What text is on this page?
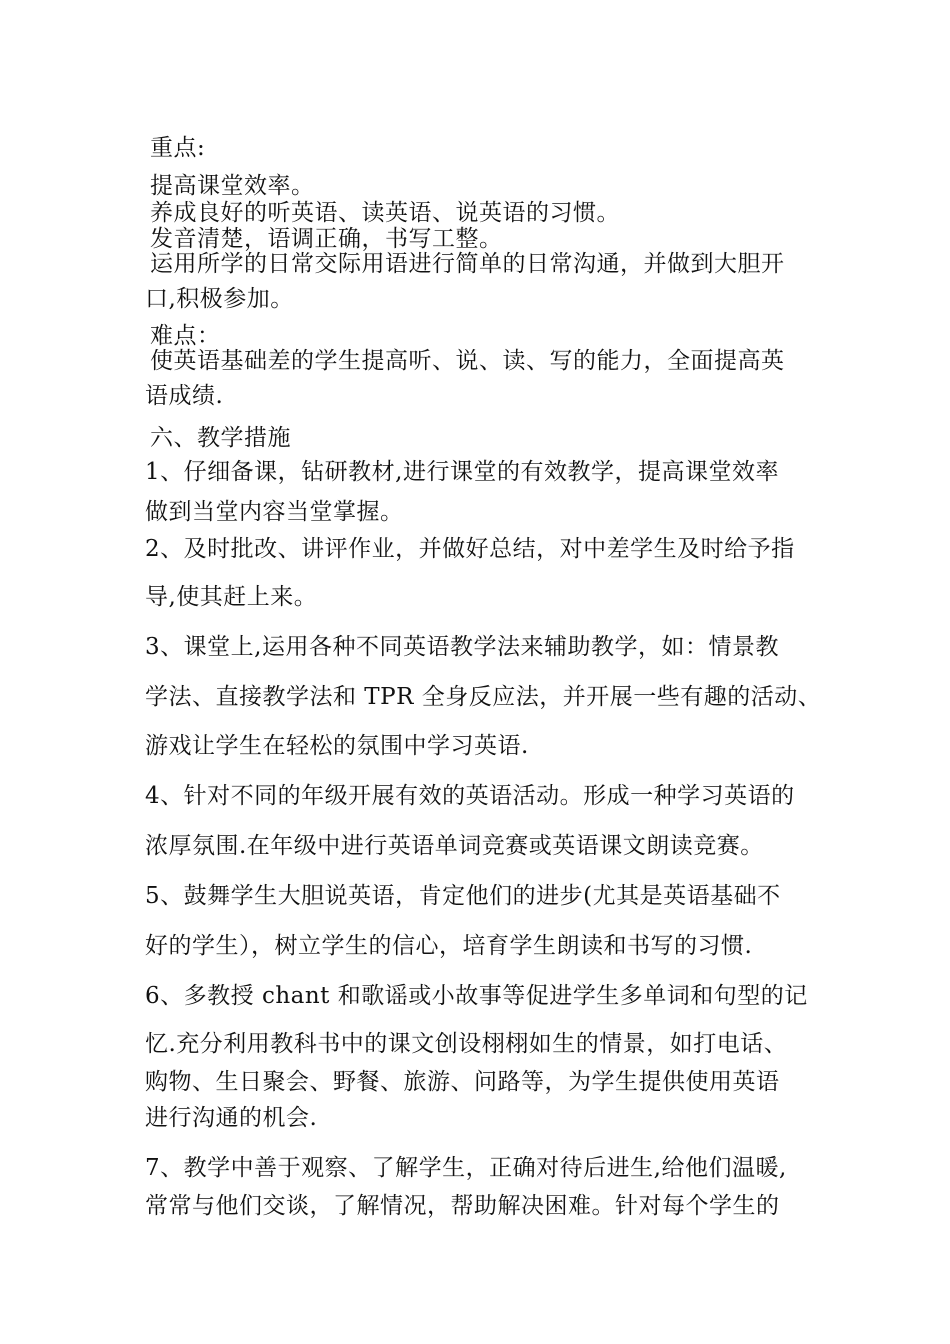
重点:
提高课堂效率。
养成良好的听英语、读英语、说英语的习惯。
发音清楚，语调正确，书写工整。
运用所学的日常交际用语进行简单的日常沟通，并做到大胆开
口,积极参加。
难点：
使英语基础差的学生提高听、说、读、写的能力，全面提高英
语成绩.
六、教学措施
1、仔细备课，钻研教材,进行课堂的有效教学，提高课堂效率
做到当堂内容当堂掌握。
2、及时批改、讲评作业，并做好总结，对中差学生及时给予指
导,使其赶上来。
3、课堂上,运用各种不同英语教学法来辅助教学，如：情景教
学法、直接教学法和 TPR 全身反应法，并开展一些有趣的活动、
游戏让学生在轻松的氛围中学习英语.
4、针对不同的年级开展有效的英语活动。形成一种学习英语的
浓厚氛围.在年级中进行英语单词竞赛或英语课文朗读竞赛。
5、鼓舞学生大胆说英语，肯定他们的进步(尤其是英语基础不
好的学生），树立学生的信心，培育学生朗读和书写的习惯.
6、多教授 chant 和歌谣或小故事等促进学生多单词和句型的记
忆.充分利用教科书中的课文创设栩栩如生的情景，如打电话、
购物、生日聚会、野餐、旅游、问路等，为学生提供使用英语
进行沟通的机会.
7、教学中善于观察、了解学生，正确对待后进生,给他们温暖,
常常与他们交谈，了解情况，帮助解决困难。针对每个学生的
